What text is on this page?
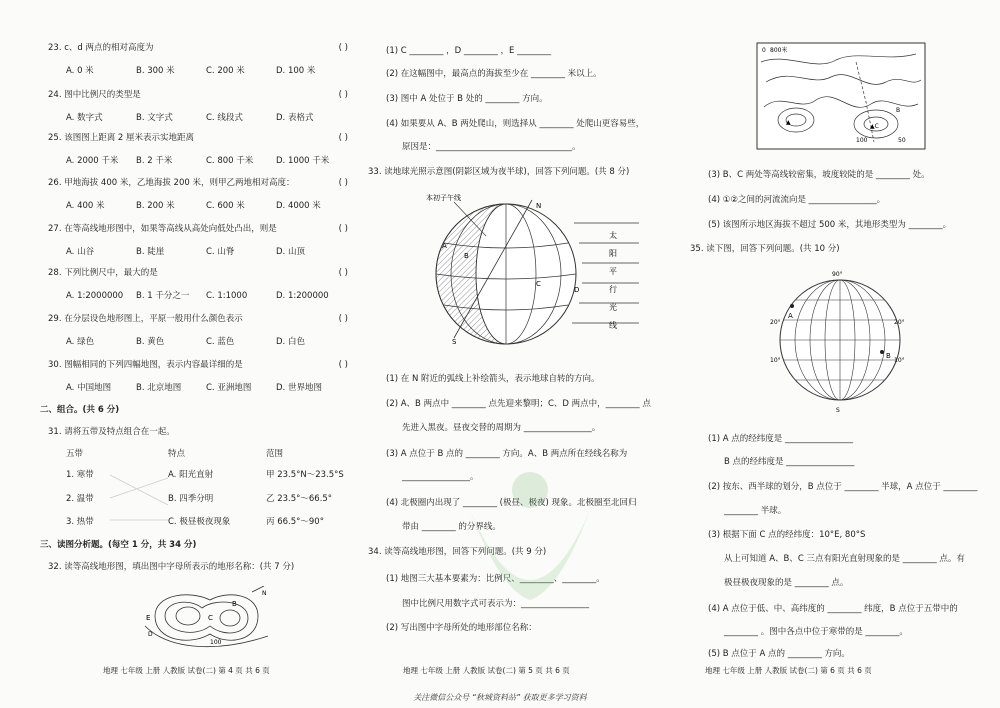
23. c、d 两点的相对高度为	( )
A. 0 米	B. 300 米	C. 200 米	D. 100 米
24. 图中比例尺的类型是	( )
A. 数字式	B. 文字式	C. 线段式	D. 表格式
25. 该图图上距离 2 厘米表示实地距离	( )
A. 2000 千米 B. 2 千米	C. 800 千米	D. 1000 千米
26. 甲地海拔 400 米，乙地海拔 200 米，则甲乙两地相对高度：	( )
A. 400 米	B. 200 米	C. 600 米	D. 4000 米
27. 在等高线地形图中，如果等高线从高处向低处凸出，则是	( )
A. 山谷	B. 陡崖	C. 山脊	D. 山顶
28. 下列比例尺中，最大的是	( )
A. 1:2000000 B. 1 千分之一 C. 1:1000	D. 1:200000
29. 在分层设色地形图上，平原一般用什么颜色表示	( )
A. 绿色	B. 黄色	C. 蓝色	D. 白色
30. 图幅相同的下列四幅地图，表示内容最详细的是	( )
A. 中国地图	B. 北京地图	C. 亚洲地图	D. 世界地图
二、组合。(共 6 分)
31. 请将五带及特点组合在一起。
五带	特点	范围
1. 寒带	A. 阳光直射	甲 23.5°N～23.5°S
2. 温带	B. 四季分明	乙 23.5°～66.5°
3. 热带	C. 极昼极夜现象	丙 66.5°～90°
三、读图分析题。(每空 1 分，共 34 分)
32. 读等高线地形图，填出图中字母所表示的地形名称：(共 7 分)
E
B
C
100
D
N
地理 七年级 上册 人教版 试卷(二) 第 4 页 共 6 页
(1) C ________ ，D ________ ，E ________
(2) 在这幅图中，最高点的海拔至少在 ________ 米以上。
(3) 图中 A 处位于 B 处的 ________ 方向。
(4) 如果要从 A、B 两处爬山，则选择从 ________ 处爬山更容易些，
原因是：________________________________。
33. 读地球光照示意图(阴影区域为夜半球)，回答下列问题。(共 8 分)
N
S
A
B
C
D
本初子午线
太
阳
平
行
光
线
(1) 在 N 附近的弧线上补绘箭头，表示地球自转的方向。
(2) A、B 两点中 ________ 点先迎来黎明；C、D 两点中，________ 点
先进入黑夜。昼夜交替的周期为 ________________。
(3) A 点位于 B 点的 ________ 方向。A、B 两点所在经线名称为
________________。
(4) 北极圈内出现了 ________ (极昼、极夜) 现象。北极圈至北回归
带由 ________ 的分界线。
34. 读等高线地形图，回答下列问题。(共 9 分)
(1) 地图三大基本要素为：比例尺、________、________。
图中比例尺用数字式可表示为：________________
(2) 写出图中字母所处的地形部位名称：
地理 七年级 上册 人教版 试卷(二) 第 5 页 共 6 页
0 800米
▲
▲C
B
50
100
(3) B、C 两处等高线较密集，坡度较陡的是 ________ 处。
(4) ①②之间的河流流向是 ________________。
(5) 该图所示地区海拔不超过 500 米，其地形类型为 ________。
35. 读下图，回答下列问题。(共 10 分)
A
B
20°
10°
20°
10°
90°
S
(1) A 点的经纬度是 ________________
B 点的经纬度是 ________________
(2) 按东、西半球的划分，B 点位于 ________ 半球，A 点位于 ________
________ 半球。
(3) 根据下面 C 点的经纬度：10°E, 80°S
从上可知道 A、B、C 三点有阳光直射现象的是 ________ 点。有
极昼极夜现象的是 ________ 点。
(4) A 点位于低、中、高纬度的 ________ 纬度，B 点位于五带中的
________ 。图中各点中位于寒带的是 ________。
(5) B 点位于 A 点的 ________ 方向。
地理 七年级 上册 人教版 试卷(二) 第 6 页 共 6 页
关注微信公众号 “秋城资料站” 获取更多学习资料
